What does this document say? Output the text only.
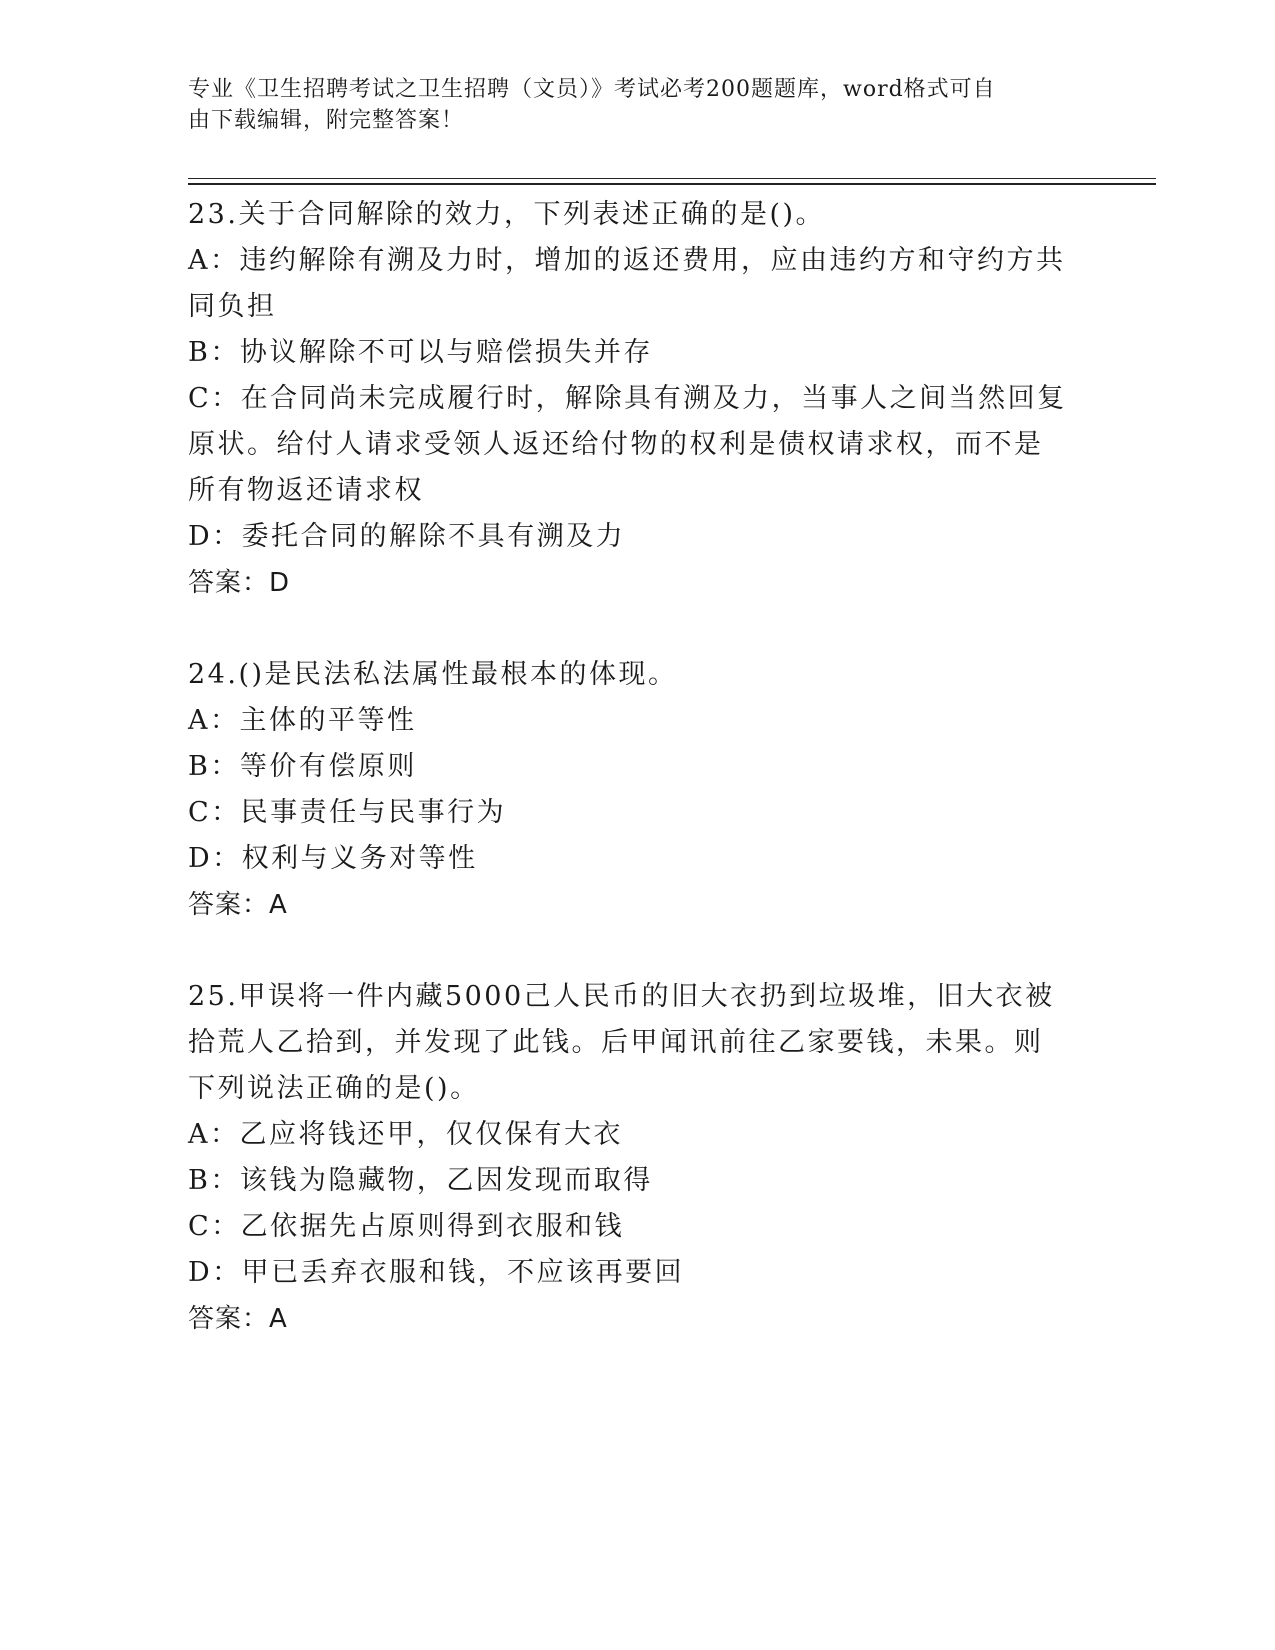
专业《卫生招聘考试之卫生招聘（文员）》考试必考200题题库，word格式可自
由下载编辑，附完整答案！

23.关于合同解除的效力，下列表述正确的是()。

A：违约解除有溯及力时，增加的返还费用，应由违约方和守约方共同负担

B：协议解除不可以与赔偿损失并存

C：在合同尚未完成履行时，解除具有溯及力，当事人之间当然回复原状。给付人请求受领人返还给付物的权利是债权请求权，而不是所有物返还请求权

D：委托合同的解除不具有溯及力

答案：D

24.()是民法私法属性最根本的体现。

A：主体的平等性

B：等价有偿原则

C：民事责任与民事行为

D：权利与义务对等性

答案：A

25.甲误将一件内藏5000己人民币的旧大衣扔到垃圾堆，旧大衣被拾荒人乙拾到，并发现了此钱。后甲闻讯前往乙家要钱，未果。则下列说法正确的是()。

A：乙应将钱还甲，仅仅保有大衣

B：该钱为隐藏物，乙因发现而取得

C：乙依据先占原则得到衣服和钱

D：甲已丢弃衣服和钱，不应该再要回

答案：A
